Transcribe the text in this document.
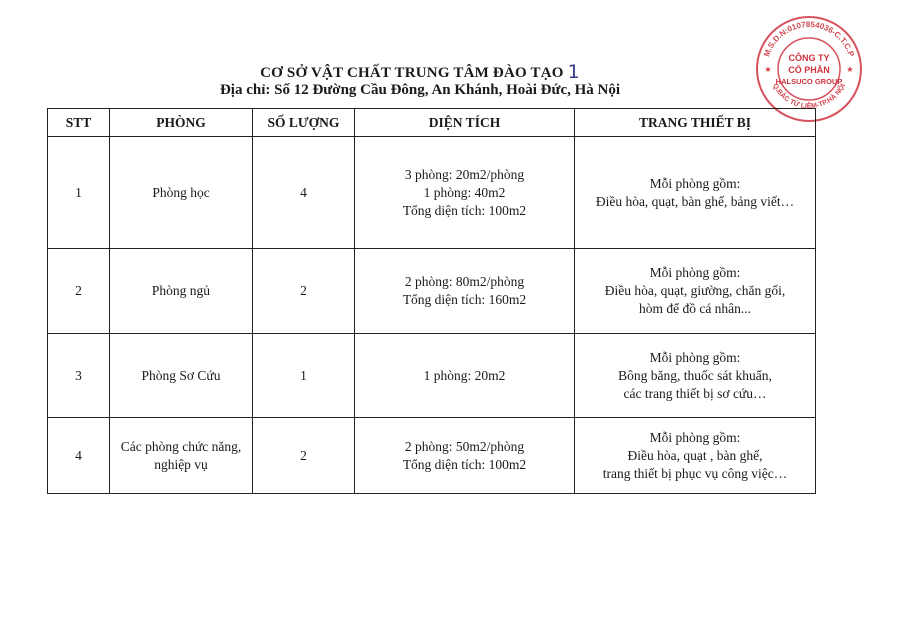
CƠ SỞ VẬT CHẤT TRUNG TÂM ĐÀO TẠO 1
Địa chỉ: Số 12 Đường Cầu Đông, An Khánh, Hoài Đức, Hà Nội
M.S.D.N:0107854036-C.T.C.P
Q.BẮC TỪ LIÊM-TP.HÀ NỘI
CÔNG TY
CỔ PHẦN
HALSUCO GROUP
★	★
STT	PHÒNG	SỐ LƯỢNG	DIỆN TÍCH	TRANG THIẾT BỊ
1	Phòng học	4	3 phòng: 20m2/phòng
1 phòng: 40m2
Tổng diện tích: 100m2	Mỗi phòng gồm:
Điều hòa, quạt, bàn ghế, bảng viết…

2	Phòng ngủ	2	2 phòng: 80m2/phòng
Tổng diện tích: 160m2	Mỗi phòng gồm:
Điều hòa, quạt, giường, chăn gối,
hòm để đồ cá nhân...

3	Phòng Sơ Cứu	1	1 phòng: 20m2	Mỗi phòng gồm:
Bông băng, thuốc sát khuẩn,
các trang thiết bị sơ cứu…

4	Các phòng chức năng,
nghiệp vụ	2	2 phòng: 50m2/phòng
Tổng diện tích: 100m2	Mỗi phòng gồm:
Điều hòa, quạt , bàn ghế,
trang thiết bị phục vụ công việc…
